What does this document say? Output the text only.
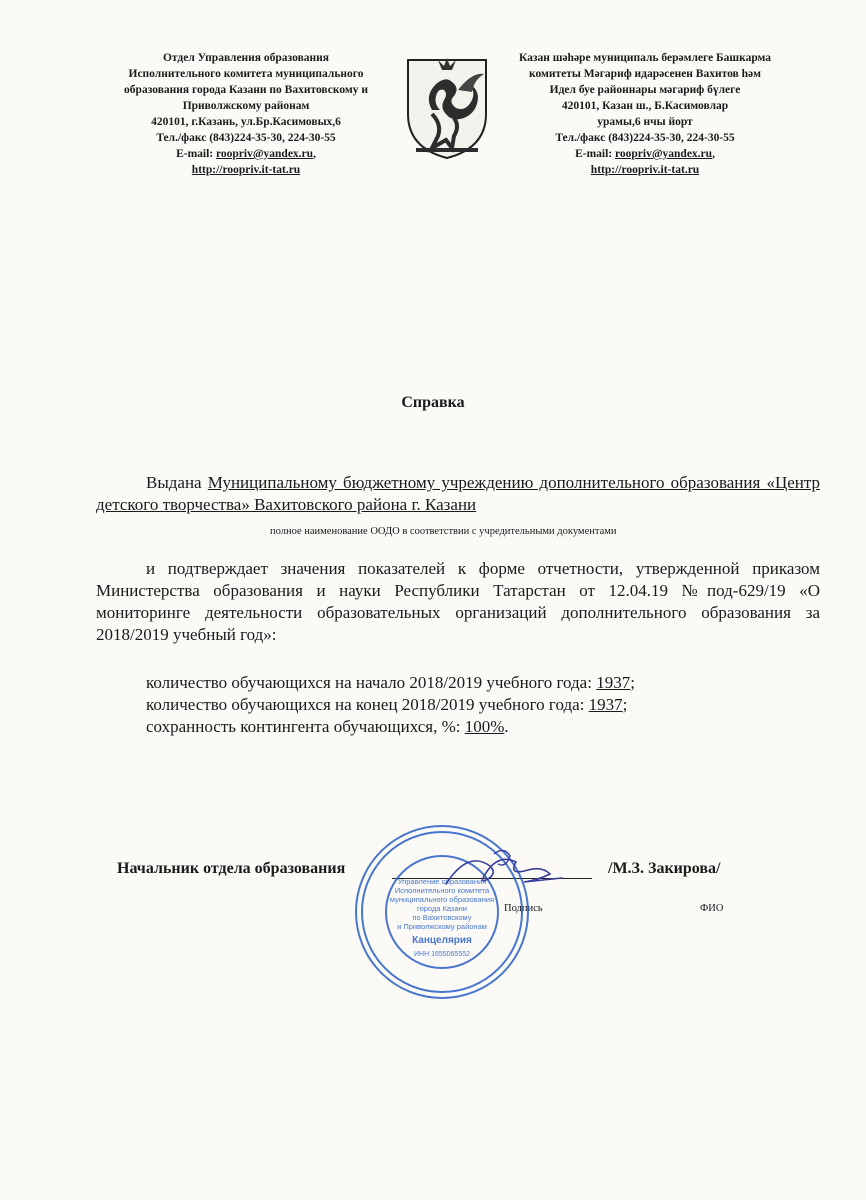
Отдел Управления образования
Исполнительного комитета муниципального
образования города Казани по Вахитовскому и
Приволжскому районам
420101, г.Казань, ул.Бр.Касимовых,6
Тел./факс (843)224-35-30, 224-30-55
E-mail: roopriv@yandex.ru,
http://roopriv.it-tat.ru
Казан шәһәре муниципаль берәмлеге Башкарма
комитеты Мәгариф идарәсенен Вахитов һәм
Идел буе районнары мәгариф бүлеге
420101, Казан ш., Б.Касимовлар
урамы,6 нчы йорт
Тел./факс (843)224-35-30, 224-30-55
E-mail: roopriv@yandex.ru,
http://roopriv.it-tat.ru
Справка
Выдана Муниципальному бюджетному учреждению дополнительного образования «Центр детского творчества» Вахитовского района г. Казани
полное наименование ООДО в соответствии с учредительными документами
и подтверждает значения показателей к форме отчетности, утвержденной приказом Министерства образования и науки Республики Татарстан от 12.04.19 №под-629/19 «О мониторинге деятельности образовательных организаций дополнительного образования за 2018/2019 учебный год»:
количество обучающихся на начало 2018/2019 учебного года: 1937;
количество обучающихся на конец 2018/2019 учебного года: 1937;
сохранность контингента обучающихся, %: 100%.
Начальник отдела образования	/М.З. Закирова/
Подпись	ФИО
Управление образования
Исполнительного комитета
муниципального образования
города Казани
по Вахитовскому
и Приволжскому районам
Канцелярия
ИНН 1655065552
